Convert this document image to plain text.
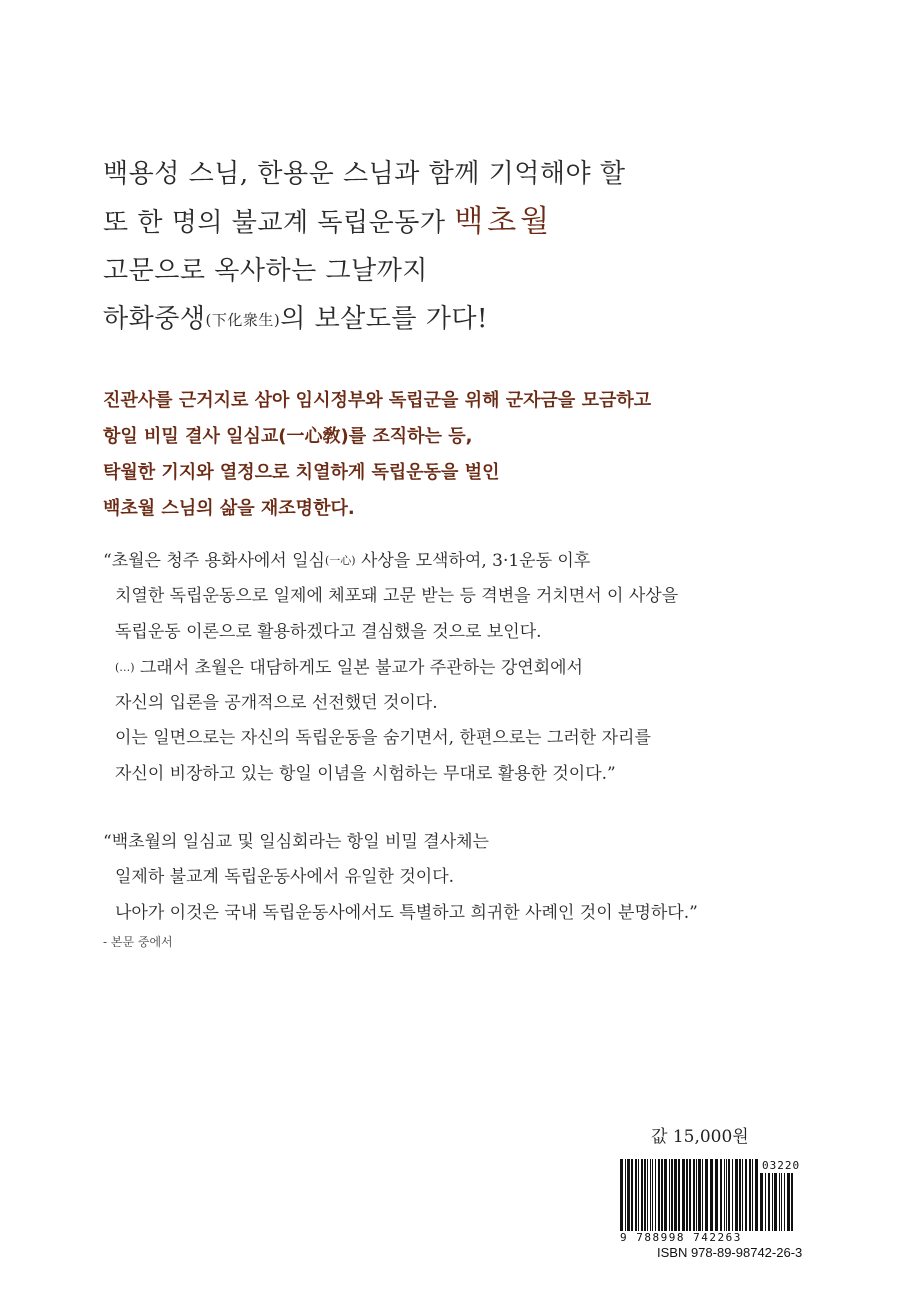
백용성 스님, 한용운 스님과 함께 기억해야 할
또 한 명의 불교계 독립운동가 백초월
고문으로 옥사하는 그날까지
하화중생(下化衆生)의 보살도를 가다!
진관사를 근거지로 삼아 임시정부와 독립군을 위해 군자금을 모금하고
항일 비밀 결사 일심교(一心敎)를 조직하는 등,
탁월한 기지와 열정으로 치열하게 독립운동을 벌인
백초월 스님의 삶을 재조명한다.
“초월은 청주 용화사에서 일심(一心) 사상을 모색하여, 3·1운동 이후
치열한 독립운동으로 일제에 체포돼 고문 받는 등 격변을 거치면서 이 사상을
독립운동 이론으로 활용하겠다고 결심했을 것으로 보인다.
(…) 그래서 초월은 대담하게도 일본 불교가 주관하는 강연회에서
자신의 입론을 공개적으로 선전했던 것이다.
이는 일면으로는 자신의 독립운동을 숨기면서, 한편으로는 그러한 자리를
자신이 비장하고 있는 항일 이념을 시험하는 무대로 활용한 것이다.”
“백초월의 일심교 및 일심회라는 항일 비밀 결사체는
일제하 불교계 독립운동사에서 유일한 것이다.
나아가 이것은 국내 독립운동사에서도 특별하고 희귀한 사례인 것이 분명하다.”
- 본문 중에서
값 15,000원
03220
9 788998 742263
ISBN 978-89-98742-26-3
